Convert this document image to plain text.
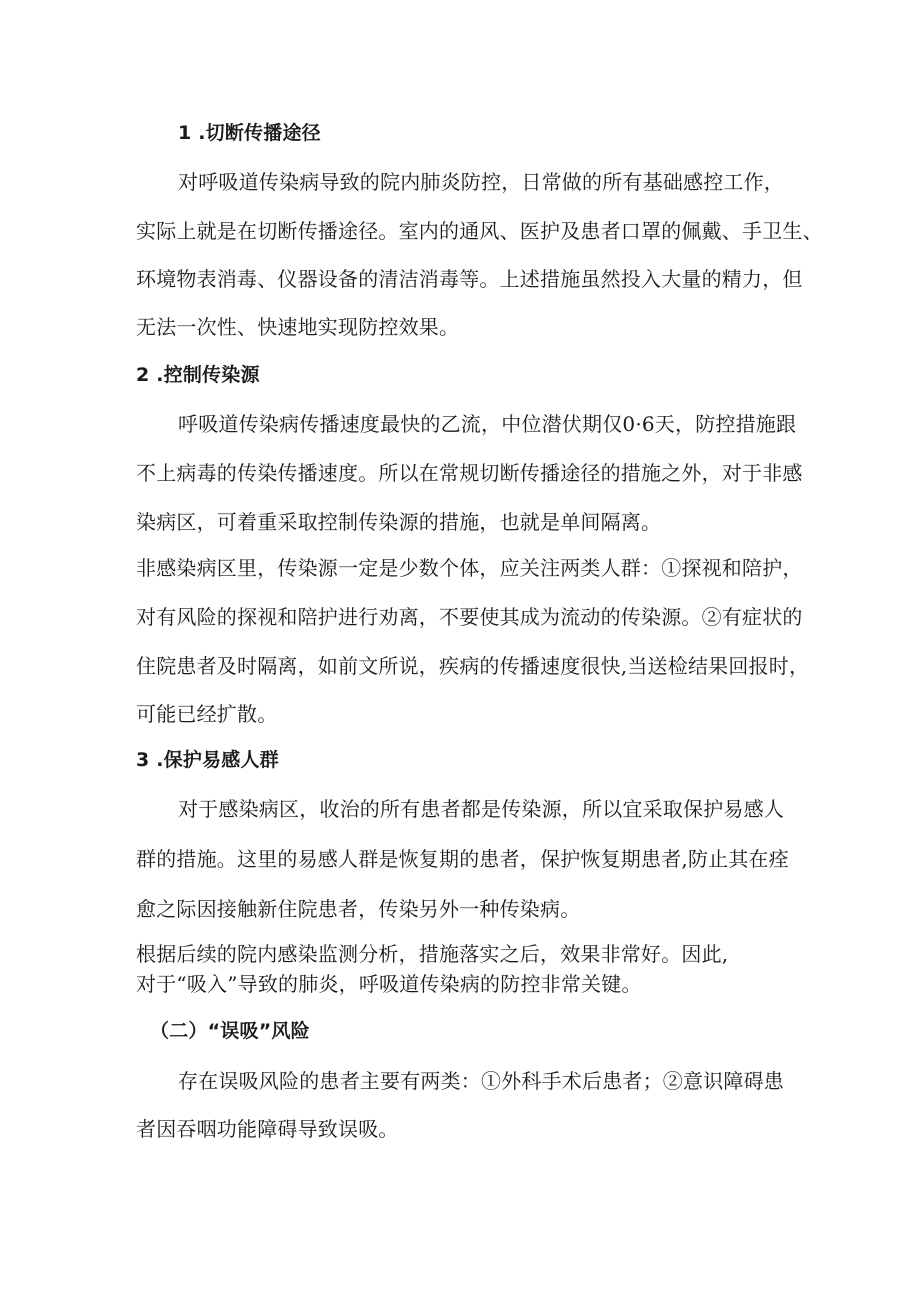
1 .切断传播途径
对呼吸道传染病导致的院内肺炎防控，日常做的所有基础感控工作，
实际上就是在切断传播途径。室内的通风、医护及患者口罩的佩戴、手卫生、
环境物表消毒、仪器设备的清洁消毒等。上述措施虽然投入大量的精力，但
无法一次性、快速地实现防控效果。
2 .控制传染源
呼吸道传染病传播速度最快的乙流，中位潜伏期仅0·6天，防控措施跟
不上病毒的传染传播速度。所以在常规切断传播途径的措施之外，对于非感
染病区，可着重采取控制传染源的措施，也就是单间隔离。
非感染病区里，传染源一定是少数个体，应关注两类人群：①探视和陪护，
对有风险的探视和陪护进行劝离，不要使其成为流动的传染源。②有症状的
住院患者及时隔离，如前文所说，疾病的传播速度很快,当送检结果回报时，
可能已经扩散。
3 .保护易感人群
对于感染病区，收治的所有患者都是传染源，所以宜采取保护易感人
群的措施。这里的易感人群是恢复期的患者，保护恢复期患者,防止其在痊
愈之际因接触新住院患者，传染另外一种传染病。
根据后续的院内感染监测分析，措施落实之后，效果非常好。因此,
对于“吸入”导致的肺炎，呼吸道传染病的防控非常关键。
（二）“误吸”风险
存在误吸风险的患者主要有两类：①外科手术后患者；②意识障碍患
者因吞咽功能障碍导致误吸。
